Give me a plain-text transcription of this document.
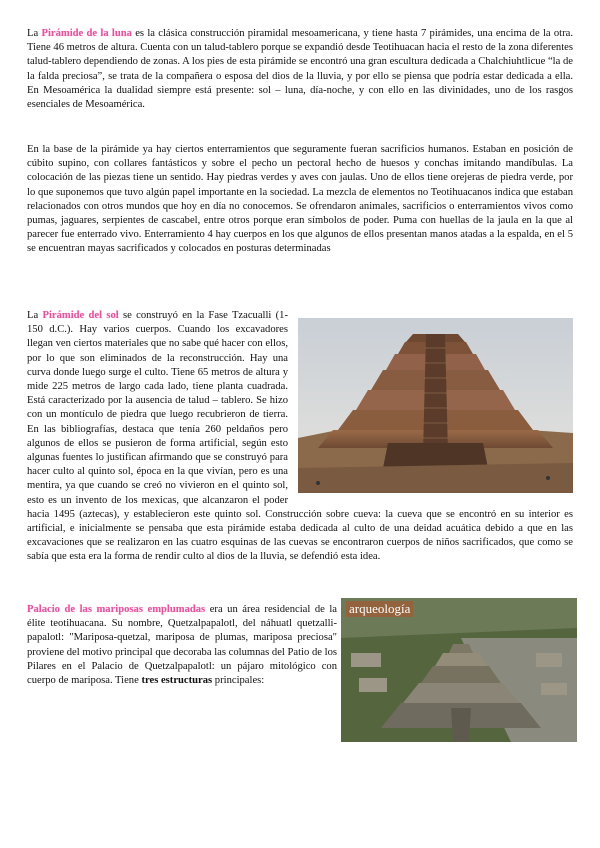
La Pirámide de la luna es la clásica construcción piramidal mesoamericana, y tiene hasta 7 pirámides, una encima de la otra. Tiene 46 metros de altura. Cuenta con un talud-tablero porque se expandió desde Teotihuacan hacia el resto de la zona diferentes talud-tablero dependiendo de zonas. A los pies de esta pirámide se encontró una gran escultura dedicada a Chalchiuhtlicue “la de la falda preciosa”, se trata de la compañera o esposa del dios de la lluvia, y por ello se piensa que podría estar dedicada a ella. En Mesoamérica la dualidad siempre está presente: sol – luna, día-noche, y con ello en las divinidades, uno de los rasgos esenciales de Mesoamérica.

En la base de la pirámide ya hay ciertos enterramientos que seguramente fueran sacrificios humanos. Estaban en posición de cúbito supino, con collares fantásticos y sobre el pecho un pectoral hecho de huesos y conchas imitando mandíbulas. La colocación de las piezas tiene un sentido. Hay piedras verdes y aves con jaulas. Uno de ellos tiene orejeras de piedra verde, por lo que suponemos que tuvo algún papel importante en la sociedad. La mezcla de elementos no Teotihuacanos indica que estaban relacionados con otros mundos que hoy en día no conocemos. Se ofrendaron animales, sacrificios o enterramientos vivos como pumas, jaguares, serpientes de cascabel, entre otros porque eran símbolos de poder. Puma con huellas de la jaula en la que al parecer fue enterrado vivo. Enterramiento 4 hay cuerpos en los que algunos de ellos presentan manos atadas a la espalda, en el 5 se encuentran mayas sacrificados y colocados en posturas determinadas

La Pirámide del sol se construyó en la Fase Tzacualli (1- 150 d.C.). Hay varios cuerpos. Cuando los excavadores llegan ven ciertos materiales que no sabe qué hacer con ellos, por lo que son eliminados de la reconstrucción. Hay una curva donde luego surge el culto. Tiene 65 metros de altura y mide 225 metros de largo cada lado, tiene planta cuadrada. Está caracterizado por la ausencia de talud – tablero. Se hizo con un montículo de piedra que luego recubrieron de tierra. En las bibliografías, destaca que tenía 260 peldaños pero algunos de ellos se pusieron de forma artificial, según esto algunas fuentes lo justifican afirmando que se construyó para hacer culto al quinto sol, época en la que vivían, pero es una mentira, ya que cuando se creó no vivieron en el quinto sol, esto es un invento de los mexicas, que alcanzaron el poder hacia 1495 (aztecas), y establecieron este quinto sol. Construcción sobre cueva: la cueva que se encontró en su interior es artificial, e inicialmente se pensaba que esta pirámide estaba dedicada al culto de una deidad acuática debido a que en las excavaciones que se realizaron en las cuatro esquinas de las cuevas se encontraron cuerpos de niños sacrificados, que como se sabía que esta era la forma de rendir culto al dios de la lluvia, se defendió esta idea.

Palacio de las mariposas emplumadas era un área residencial de la élite teotihuacana. Su nombre, Quetzalpapalotl, del náhuatl quetzalli-papalotl: "Mariposa-quetzal, mariposa de plumas, mariposa preciosa" proviene del motivo principal que decoraba las columnas del Patio de los Pilares en el Palacio de Quetzalpapalotl: un pájaro mitológico con cuerpo de mariposa. Tiene tres estructuras principales:

arqueología
